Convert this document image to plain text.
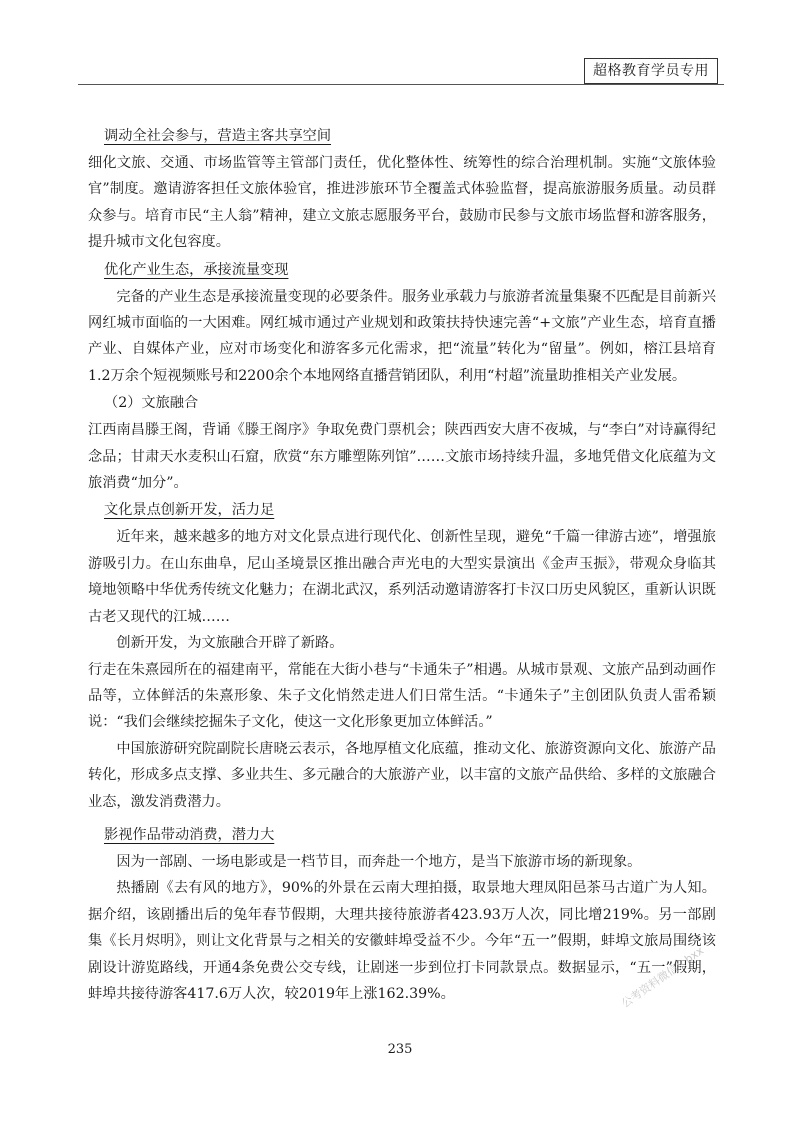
超格教育学员专用

调动全社会参与，营造主客共享空间

细化文旅、交通、市场监管等主管部门责任，优化整体性、统筹性的综合治理机制。实施“文旅体验官”制度。邀请游客担任文旅体验官，推进涉旅环节全覆盖式体验监督，提高旅游服务质量。动员群众参与。培育市民“主人翁”精神，建立文旅志愿服务平台，鼓励市民参与文旅市场监督和游客服务，提升城市文化包容度。

优化产业生态，承接流量变现

完备的产业生态是承接流量变现的必要条件。服务业承载力与旅游者流量集聚不匹配是目前新兴网红城市面临的一大困难。网红城市通过产业规划和政策扶持快速完善“+文旅”产业生态，培育直播产业、自媒体产业，应对市场变化和游客多元化需求，把“流量”转化为“留量”。例如，榕江县培育1.2万余个短视频账号和2200余个本地网络直播营销团队，利用“村超”流量助推相关产业发展。

（2）文旅融合

江西南昌滕王阁，背诵《滕王阁序》争取免费门票机会；陕西西安大唐不夜城，与“李白”对诗赢得纪念品；甘肃天水麦积山石窟，欣赏“东方雕塑陈列馆”……文旅市场持续升温，多地凭借文化底蕴为文旅消费“加分”。

文化景点创新开发，活力足

近年来，越来越多的地方对文化景点进行现代化、创新性呈现，避免“千篇一律游古迹”，增强旅游吸引力。在山东曲阜，尼山圣境景区推出融合声光电的大型实景演出《金声玉振》，带观众身临其境地领略中华优秀传统文化魅力；在湖北武汉，系列活动邀请游客打卡汉口历史风貌区，重新认识既古老又现代的江城……

创新开发，为文旅融合开辟了新路。

行走在朱熹园所在的福建南平，常能在大街小巷与“卡通朱子”相遇。从城市景观、文旅产品到动画作品等，立体鲜活的朱熹形象、朱子文化悄然走进人们日常生活。“卡通朱子”主创团队负责人雷希颖说：“我们会继续挖掘朱子文化，使这一文化形象更加立体鲜活。”

中国旅游研究院副院长唐晓云表示，各地厚植文化底蕴，推动文化、旅游资源向文化、旅游产品转化，形成多点支撑、多业共生、多元融合的大旅游产业，以丰富的文旅产品供给、多样的文旅融合业态，激发消费潜力。

影视作品带动消费，潜力大

因为一部剧、一场电影或是一档节目，而奔赴一个地方，是当下旅游市场的新现象。

热播剧《去有风的地方》，90%的外景在云南大理拍摄，取景地大理凤阳邑茶马古道广为人知。据介绍，该剧播出后的兔年春节假期，大理共接待旅游者423.93万人次，同比增219%。另一部剧集《长月烬明》，则让文化背景与之相关的安徽蚌埠受益不少。今年“五一”假期，蚌埠文旅局围绕该剧设计游览路线，开通4条免费公交专线，让剧迷一步到位打卡同款景点。数据显示，“五一”假期，蚌埠共接待游客417.6万人次，较2019年上涨162.39%。

235
公考资料微信：bxx
